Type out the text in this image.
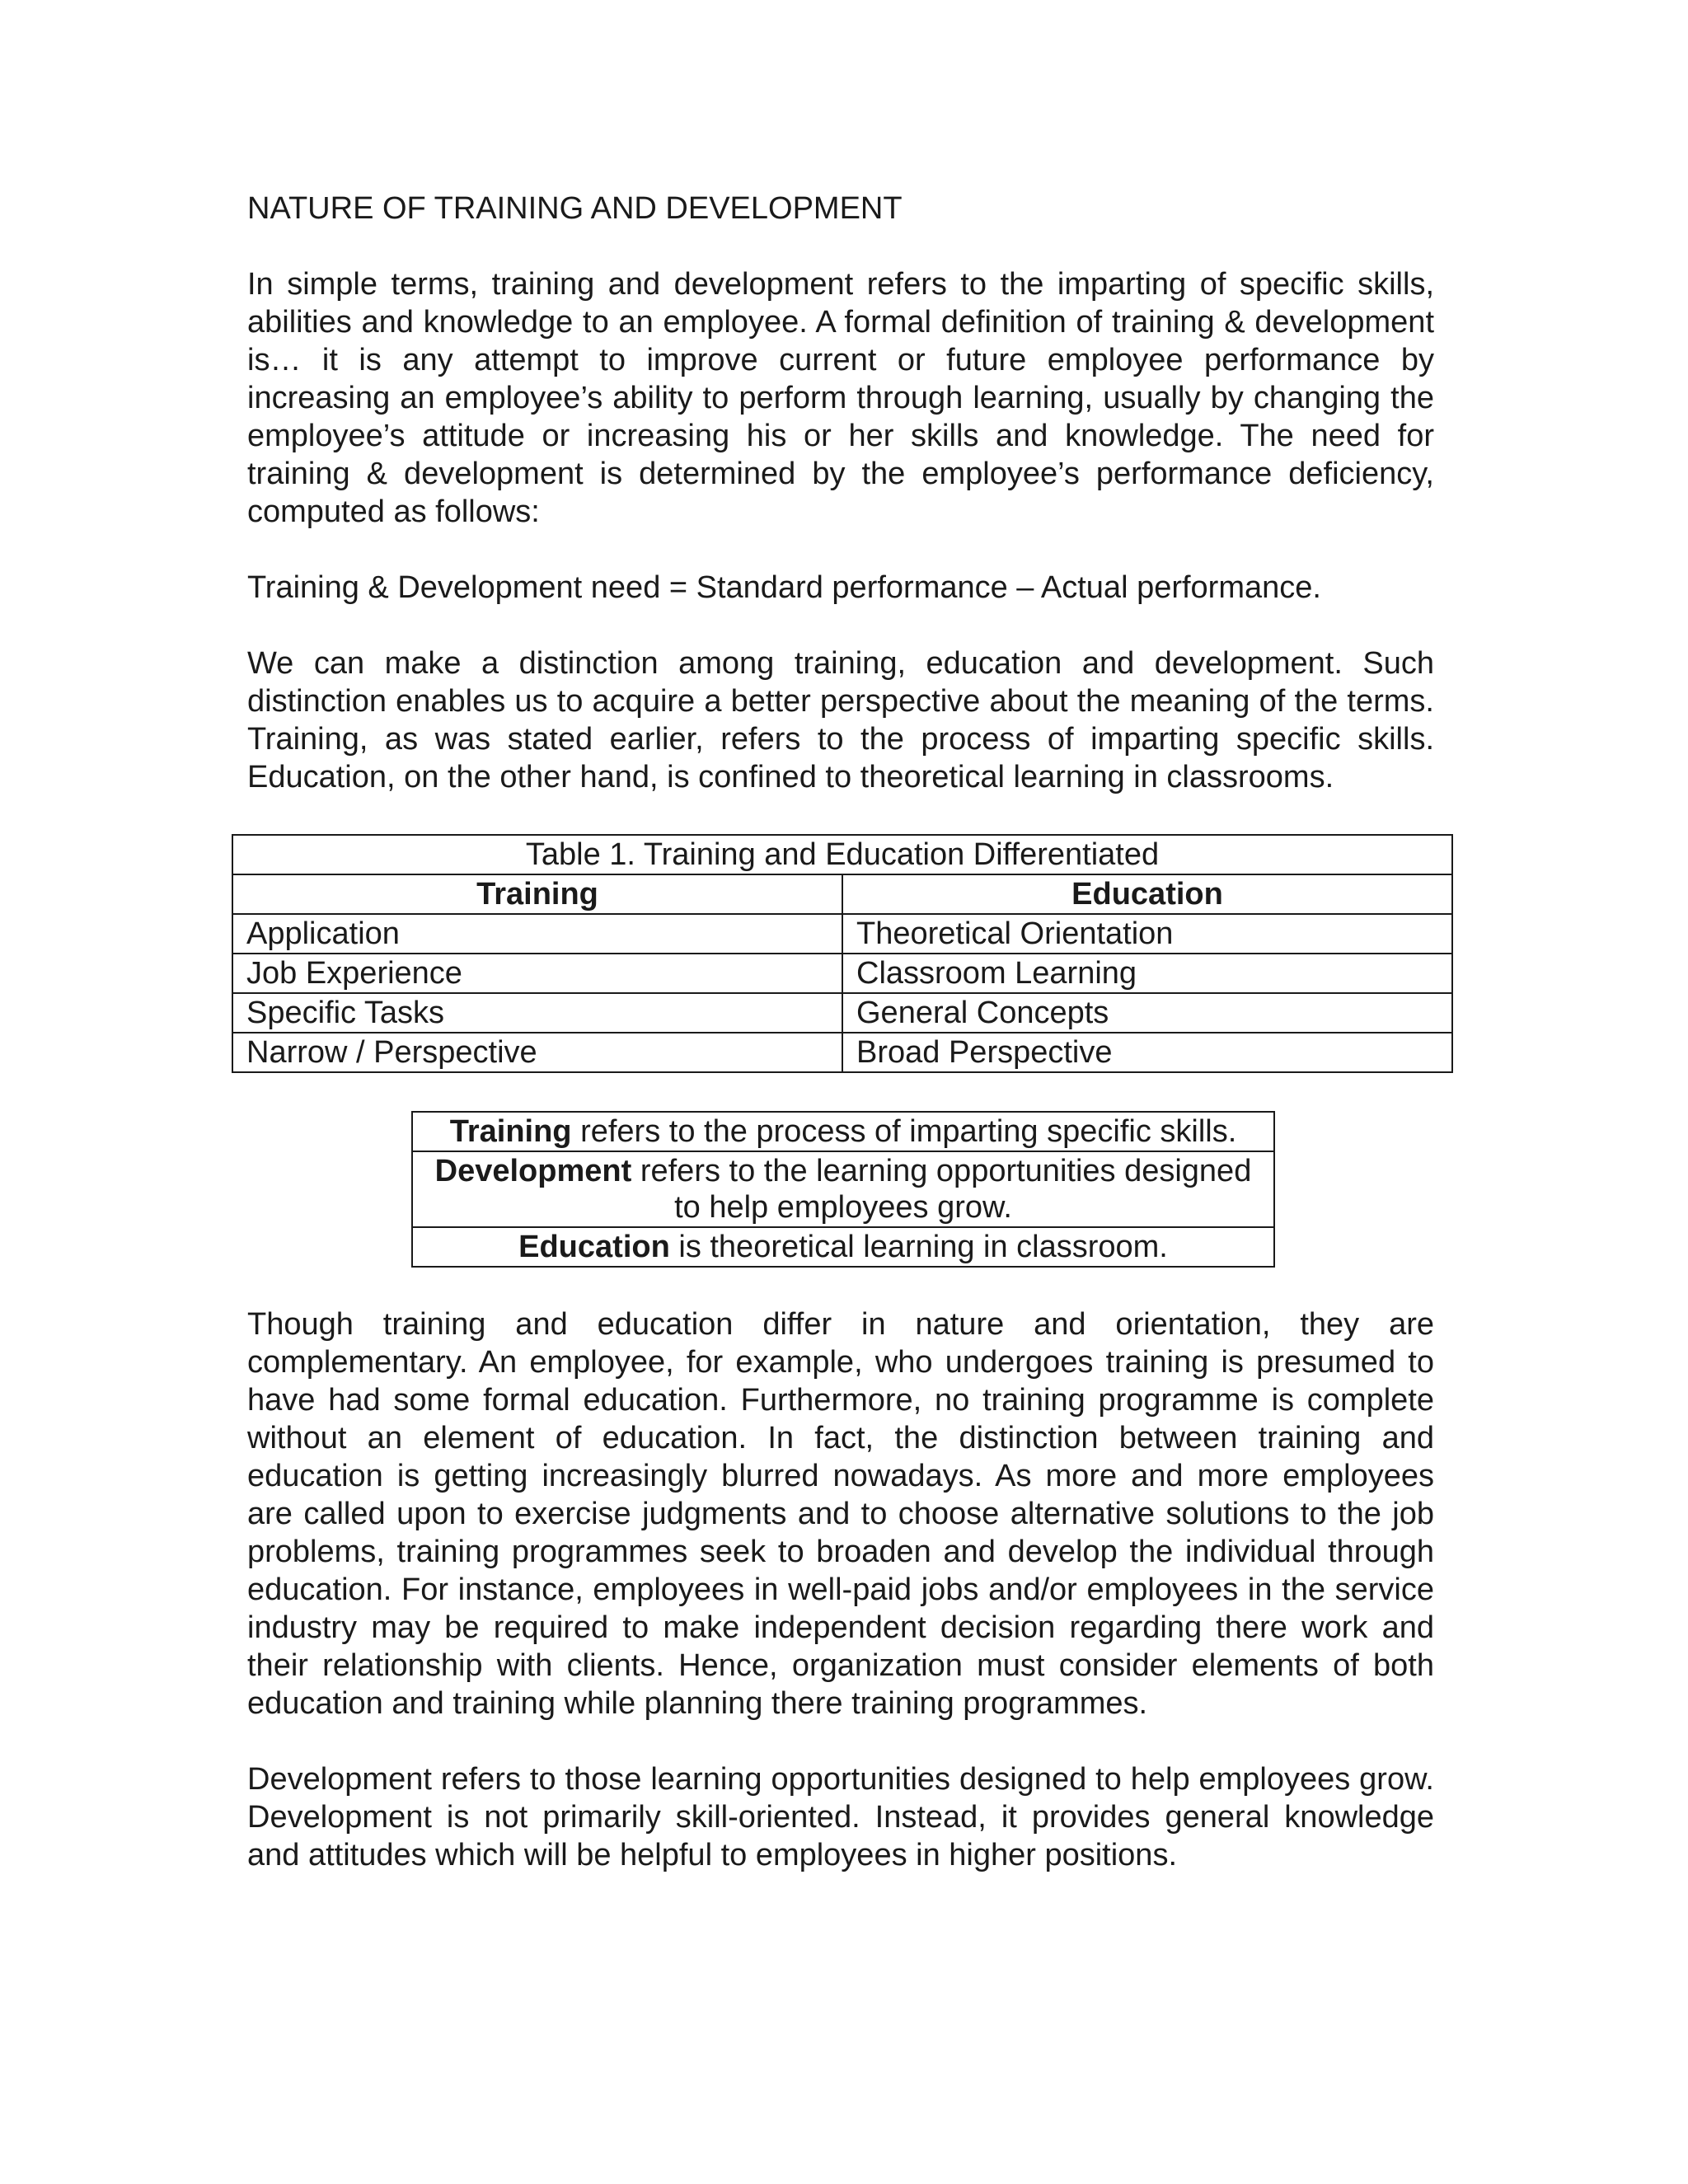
NATURE OF TRAINING AND DEVELOPMENT

In simple terms, training and development refers to the imparting of specific skills, abilities and knowledge to an employee. A formal definition of training & development is… it is any attempt to improve current or future employee performance by increasing an employee’s ability to perform through learning, usually by changing the employee’s attitude or increasing his or her skills and knowledge. The need for training & development is determined by the employee’s performance deficiency, computed as follows:

Training & Development need = Standard performance – Actual performance.

We can make a distinction among training, education and development. Such distinction enables us to acquire a better perspective about the meaning of the terms. Training, as was stated earlier, refers to the process of imparting specific skills. Education, on the other hand, is confined to theoretical learning in classrooms.

Table 1. Training and Education Differentiated	
Training	Education
Application	Theoretical Orientation
Job Experience	Classroom Learning
Specific Tasks	General Concepts
Narrow / Perspective	Broad Perspective
Training refers to the process of imparting specific skills.
Development refers to the learning opportunities designed to help employees grow.
Education is theoretical learning in classroom.

Though training and education differ in nature and orientation, they are complementary. An employee, for example, who undergoes training is presumed to have had some formal education. Furthermore, no training programme is complete without an element of education. In fact, the distinction between training and education is getting increasingly blurred nowadays. As more and more employees are called upon to exercise judgments and to choose alternative solutions to the job problems, training programmes seek to broaden and develop the individual through education. For instance, employees in well-paid jobs and/or employees in the service industry may be required to make independent decision regarding there work and their relationship with clients. Hence, organization must consider elements of both education and training while planning there training programmes.

Development refers to those learning opportunities designed to help employees grow. Development is not primarily skill-oriented. Instead, it provides general knowledge and attitudes which will be helpful to employees in higher positions.
